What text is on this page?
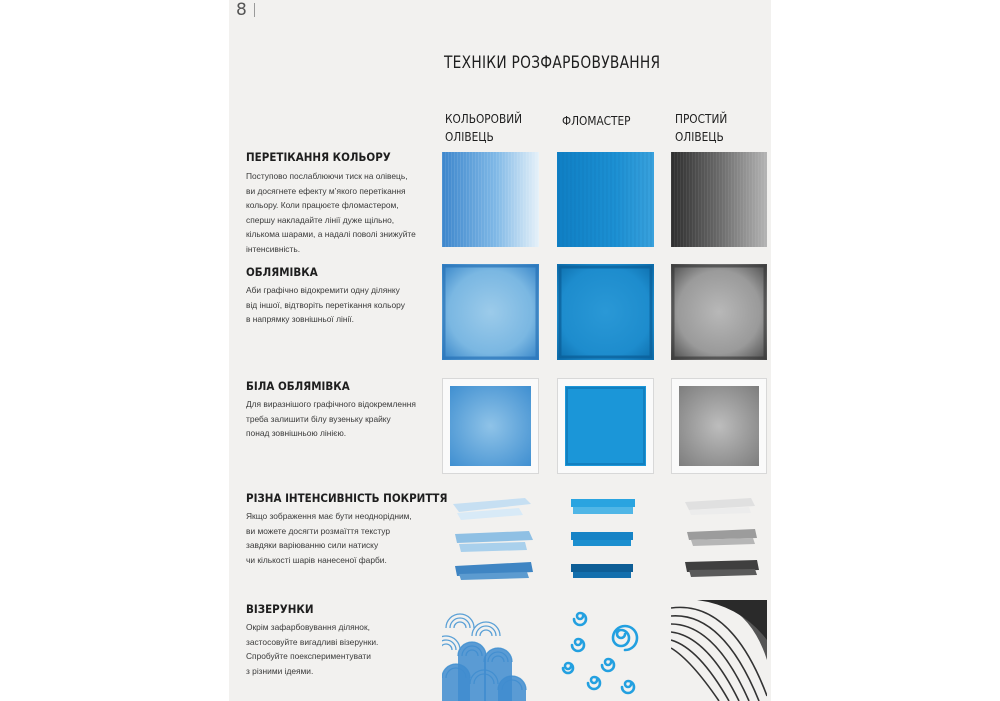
8
ТЕХНІКИ РОЗФАРБОВУВАННЯ
КОЛЬОРОВИЙ
ОЛІВЕЦЬ
ФЛОМАСТЕР	ПРОСТИЙ
ОЛІВЕЦЬ
ПЕРЕТІКАННЯ КОЛЬОРУ
Поступово послаблюючи тиск на олівець,
ви досягнете ефекту м’якого перетікання
кольору. Коли працюєте фломастером,
спершу накладайте лінії дуже щільно,
кількома шарами, а надалі поволі знижуйте
інтенсивність.
ОБЛЯМІВКА
Аби графічно відокремити одну ділянку
від іншої, відтворіть перетікання кольору
в напрямку зовнішньої лінії.
БІЛА ОБЛЯМІВКА
Для виразнішого графічного відокремлення
треба залишити білу вузеньку крайку
понад зовнішньою лінією.
РІЗНА ІНТЕНСИВНІСТЬ ПОКРИТТЯ
Якщо зображення має бути неоднорідним,
ви можете досягти розмаїття текстур
завдяки варіюванню сили натиску
чи кількості шарів нанесеної фарби.
ВІЗЕРУНКИ
Окрім зафарбовування ділянок,
застосовуйте вигадливі візерунки.
Спробуйте поекспериментувати
з різними ідеями.
